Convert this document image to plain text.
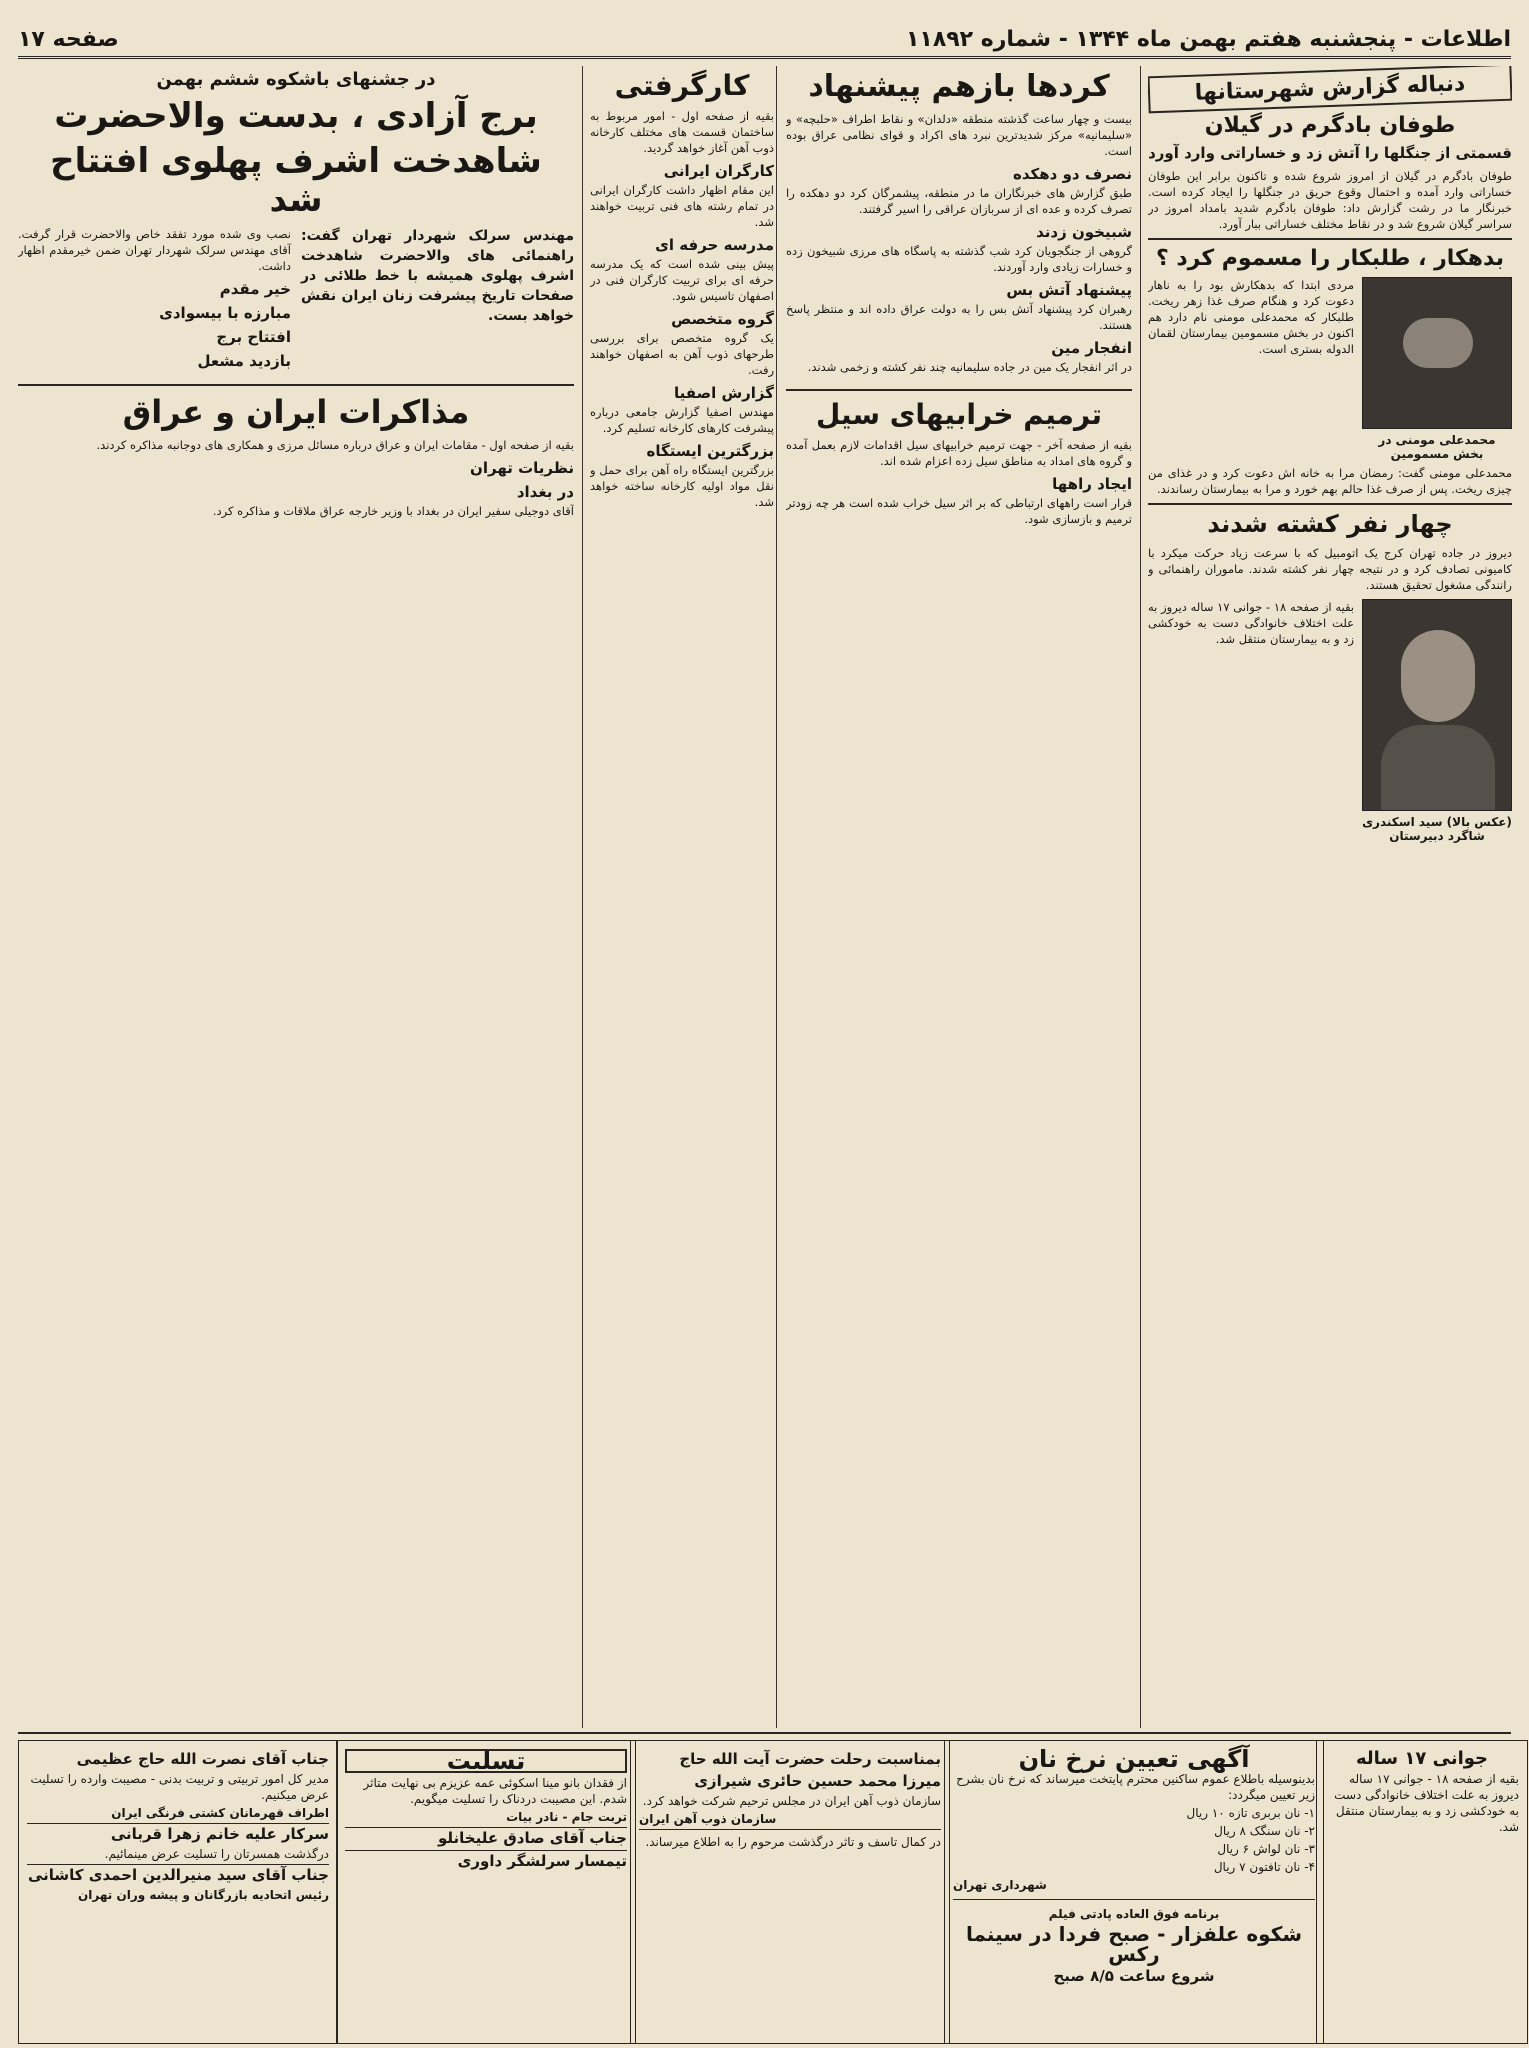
اطلاعات - پنجشنبه هفتم بهمن ماه ۱۳۴۴ - شماره ۱۱۸۹۲
صفحه ۱۷
دنباله گزارش شهرستانها
طوفان بادگرم در گیلان
قسمتی از جنگلها را آتش زد و خساراتی وارد آورد

طوفان بادگرم در گیلان از امروز شروع شده و تاکنون برابر این طوفان خساراتی وارد آمده و احتمال وقوع حریق در جنگلها را ایجاد کرده است. خبرنگار ما در رشت گزارش داد: طوفان بادگرم شدید بامداد امروز در سراسر گیلان شروع شد و در نقاط مختلف خساراتی ببار آورد.

بدهکار ، طلبکار را مسموم کرد ؟
محمدعلی مومنی در بخش مسمومین

مردی ابتدا که بدهکارش بود را به ناهار دعوت کرد و هنگام صرف غذا زهر ریخت. طلبکار که محمدعلی مومنی نام دارد هم اکنون در بخش مسمومین بیمارستان لقمان الدوله بستری است.

محمدعلی مومنی گفت: رمضان مرا به خانه اش دعوت کرد و در غذای من چیزی ریخت. پس از صرف غذا حالم بهم خورد و مرا به بیمارستان رساندند.

چهار نفر کشته شدند

دیروز در جاده تهران کرج یک اتومبیل که با سرعت زیاد حرکت میکرد با کامیونی تصادف کرد و در نتیجه چهار نفر کشته شدند. ماموران راهنمائی و رانندگی مشغول تحقیق هستند.

(عکس بالا) سید اسکندری شاگرد دبیرستان

بقیه از صفحه ۱۸ - جوانی ۱۷ ساله دیروز به علت اختلاف خانوادگی دست به خودکشی زد و به بیمارستان منتقل شد.

کردها بازهم پیشنهاد

بیست و چهار ساعت گذشته منطقه «دلدان» و نقاط اطراف «حلبچه» و «سلیمانیه» مرکز شدیدترین نبرد های اکراد و قوای نظامی عراق بوده است.

نصرف دو دهکده

طبق گزارش های خبرنگاران ما در منطقه، پیشمرگان کرد دو دهکده را تصرف کرده و عده ای از سربازان عراقی را اسیر گرفتند.

شبیخون زدند

گروهی از جنگجویان کرد شب گذشته به پاسگاه های مرزی شبیخون زده و خسارات زیادی وارد آوردند.

پیشنهاد آتش بس

رهبران کرد پیشنهاد آتش بس را به دولت عراق داده اند و منتظر پاسخ هستند.

انفجار مین

در اثر انفجار یک مین در جاده سلیمانیه چند نفر کشته و زخمی شدند.

ترمیم خرابیهای سیل

بقیه از صفحه آخر - جهت ترمیم خرابیهای سیل اقدامات لازم بعمل آمده و گروه های امداد به مناطق سیل زده اعزام شده اند.

ایجاد راهها

قرار است راههای ارتباطی که بر اثر سیل خراب شده است هر چه زودتر ترمیم و بازسازی شود.

کارگرفتی

بقیه از صفحه اول - امور مربوط به ساختمان قسمت های مختلف کارخانه ذوب آهن آغاز خواهد گردید.

کارگران ایرانی

این مقام اظهار داشت کارگران ایرانی در تمام رشته های فنی تربیت خواهند شد.

مدرسه حرفه ای

پیش بینی شده است که یک مدرسه حرفه ای برای تربیت کارگران فنی در اصفهان تاسیس شود.

گروه متخصص

یک گروه متخصص برای بررسی طرحهای ذوب آهن به اصفهان خواهند رفت.

گزارش اصفیا

مهندس اصفیا گزارش جامعی درباره پیشرفت کارهای کارخانه تسلیم کرد.

بزرگترین ایستگاه

بزرگترین ایستگاه راه آهن برای حمل و نقل مواد اولیه کارخانه ساخته خواهد شد.

در جشنهای باشکوه ششم بهمن
برج آزادی ، بدست والاحضرت
شاهدخت اشرف پهلوی افتتاح شد

مهندس سرلک شهردار تهران گفت: راهنمائی های والاحضرت شاهدخت اشرف پهلوی همیشه با خط طلائی در صفحات تاریخ پیشرفت زنان ایران نقش خواهد بست.

نصب وی شده مورد تفقد خاص والاحضرت قرار گرفت. آقای مهندس سرلک شهردار تهران ضمن خیرمقدم اظهار داشت.

خیر مقدم
مبارزه با بیسوادی
افتتاح برج
بازدید مشعل
مذاکرات ایران و عراق

بقیه از صفحه اول - مقامات ایران و عراق درباره مسائل مرزی و همکاری های دوجانبه مذاکره کردند.

نظریات تهران
در بغداد

آقای دوجیلی سفیر ایران در بغداد با وزیر خارجه عراق ملاقات و مذاکره کرد.

آگهی تعیین نرخ نان
بدینوسیله باطلاع عموم ساکنین محترم پایتخت میرساند که نرخ نان بشرح زیر تعیین میگردد:
۱- نان بربری تازه ۱۰ ریال
۲- نان سنگک ۸ ریال
۳- نان لواش ۶ ریال
۴- نان تافتون ۷ ریال
شهرداری تهران
برنامه فوق العاده پادتی فیلم
شکوه علفزار - صبح فردا در سینما رکس
شروع ساعت ۸/۵ صبح
جوانی ۱۷ ساله
بقیه از صفحه ۱۸ - جوانی ۱۷ ساله دیروز به علت اختلاف خانوادگی دست به خودکشی زد و به بیمارستان منتقل شد.
بمناسبت رحلت حضرت آیت الله حاج
میرزا محمد حسین حائری شیرازی
سازمان ذوب آهن ایران در مجلس ترحیم شرکت خواهد کرد.
سازمان ذوب آهن ایران
در کمال تاسف و تاثر درگذشت مرحوم را به اطلاع میرساند.
تسلیت
از فقدان بانو مینا اسکوئی عمه عزیزم بی نهایت متاثر شدم. این مصیبت دردناک را تسلیت میگویم.
تربت جام - نادر بیات
جناب آقای صادق علیخانلو
تیمسار سرلشگر داوری
جناب آقای نصرت الله حاج عظیمی
مدیر کل امور تربیتی و تربیت بدنی - مصیبت وارده را تسلیت عرض میکنیم.
اطراف قهرمانان کشتی فرنگی ایران
سرکار علیه خانم زهرا قربانی
درگذشت همسرتان را تسلیت عرض مینمائیم.
جناب آقای سید منیرالدین احمدی کاشانی
رئیس اتحادیه بازرگانان و پیشه وران تهران
